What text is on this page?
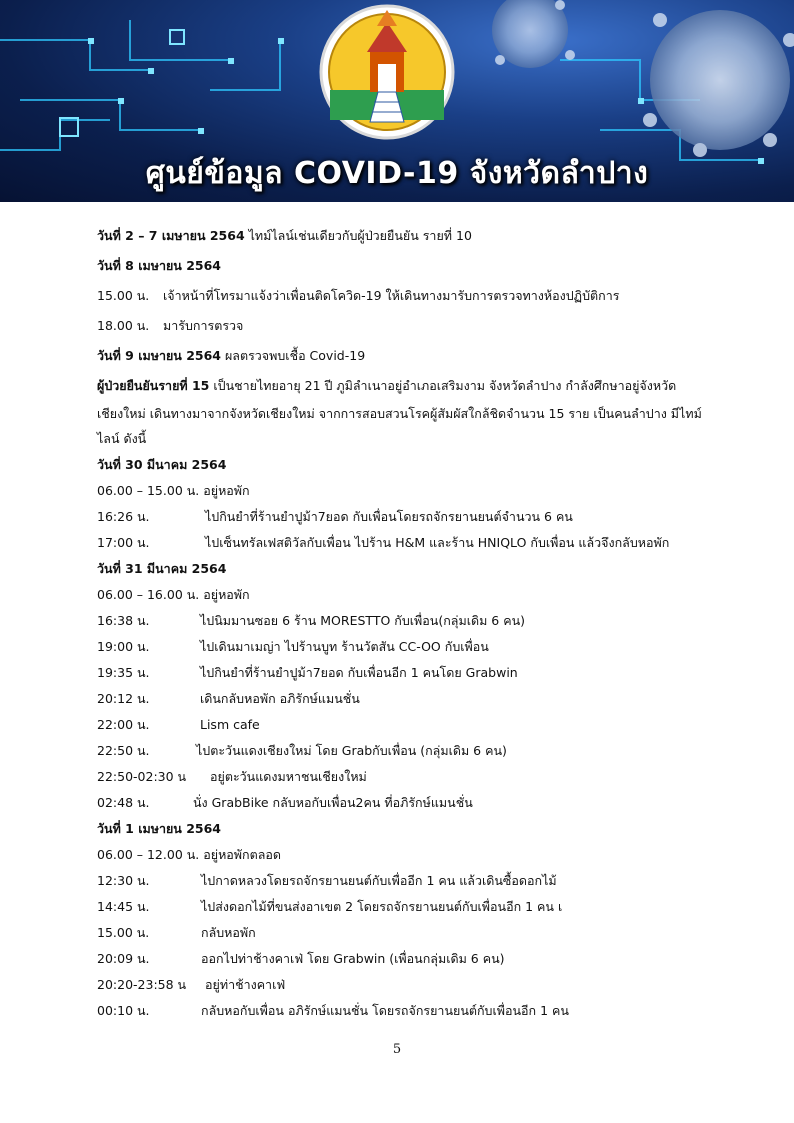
ศูนย์ข้อมูล COVID-19 จังหวัดลำปาง
วันที่ 2 – 7 เมษายน 2564 ไทม์ไลน์เช่นเดียวกับผู้ป่วยยืนยัน รายที่ 10
วันที่ 8 เมษายน 2564
15.00 น. เจ้าหน้าที่โทรมาแจ้งว่าเพื่อนติดโควิด-19 ให้เดินทางมารับการตรวจทางห้องปฏิบัติการ
18.00 น. มารับการตรวจ
วันที่ 9 เมษายน 2564 ผลตรวจพบเชื้อ Covid-19
ผู้ป่วยยืนยันรายที่ 15 เป็นชายไทยอายุ 21 ปี ภูมิลำเนาอยู่อำเภอเสริมงาม จังหวัดลำปาง กำลังศึกษาอยู่จังหวัด
เชียงใหม่ เดินทางมาจากจังหวัดเชียงใหม่ จากการสอบสวนโรคผู้สัมผัสใกล้ชิดจำนวน 15 ราย เป็นคนลำปาง มีไทม์
ไลน์ ดังนี้
วันที่ 30 มีนาคม 2564
06.00 – 15.00 น. อยู่หอพัก
16:26 น.	ไปกินยำที่ร้านยำปูม้า7ยอด กับเพื่อนโดยรถจักรยานยนต์จำนวน 6 คน
17:00 น.	ไปเซ็นทรัลเฟสติวัลกับเพื่อน ไปร้าน H&M และร้าน HNIQLO กับเพื่อน แล้วจึงกลับหอพัก
วันที่ 31 มีนาคม 2564
06.00 – 16.00 น. อยู่หอพัก
16:38 น.	ไปนิมมานซอย 6 ร้าน MORESTTO กับเพื่อน(กลุ่มเดิม 6 คน)
19:00 น.	ไปเดินมาเมญ่า ไปร้านบูท ร้านวัตสัน CC-OO กับเพื่อน
19:35 น.	ไปกินยำที่ร้านยำปูม้า7ยอด กับเพื่อนอีก 1 คนโดย Grabwin
20:12 น.	เดินกลับหอพัก อภิรักษ์แมนชั่น
22:00 น.	Lism cafe
22:50 น.	ไปตะวันแดงเชียงใหม่ โดย Grabกับเพื่อน (กลุ่มเดิม 6 คน)
22:50-02:30 น อยู่ตะวันแดงมหาชนเชียงใหม่
02:48 น.	นั่ง GrabBike กลับหอกับเพื่อน2คน ที่อภิรักษ์แมนชั่น
วันที่ 1 เมษายน 2564
06.00 – 12.00 น. อยู่หอพักตลอด
12:30 น.	ไปกาดหลวงโดยรถจักรยานยนต์กับเพื่ออีก 1 คน แล้วเดินซื้อดอกไม้
14:45 น.	ไปส่งดอกไม้ที่ขนส่งอาเขต 2 โดยรถจักรยานยนต์กับเพื่อนอีก 1 คน เ
15.00 น.	กลับหอพัก
20:09 น.	ออกไปท่าช้างคาเฟ่ โดย Grabwin (เพื่อนกลุ่มเดิม 6 คน)
20:20-23:58 น อยู่ท่าช้างคาเฟ่
00:10 น.	กลับหอกับเพื่อน อภิรักษ์แมนชั่น โดยรถจักรยานยนต์กับเพื่อนอีก 1 คน
5
